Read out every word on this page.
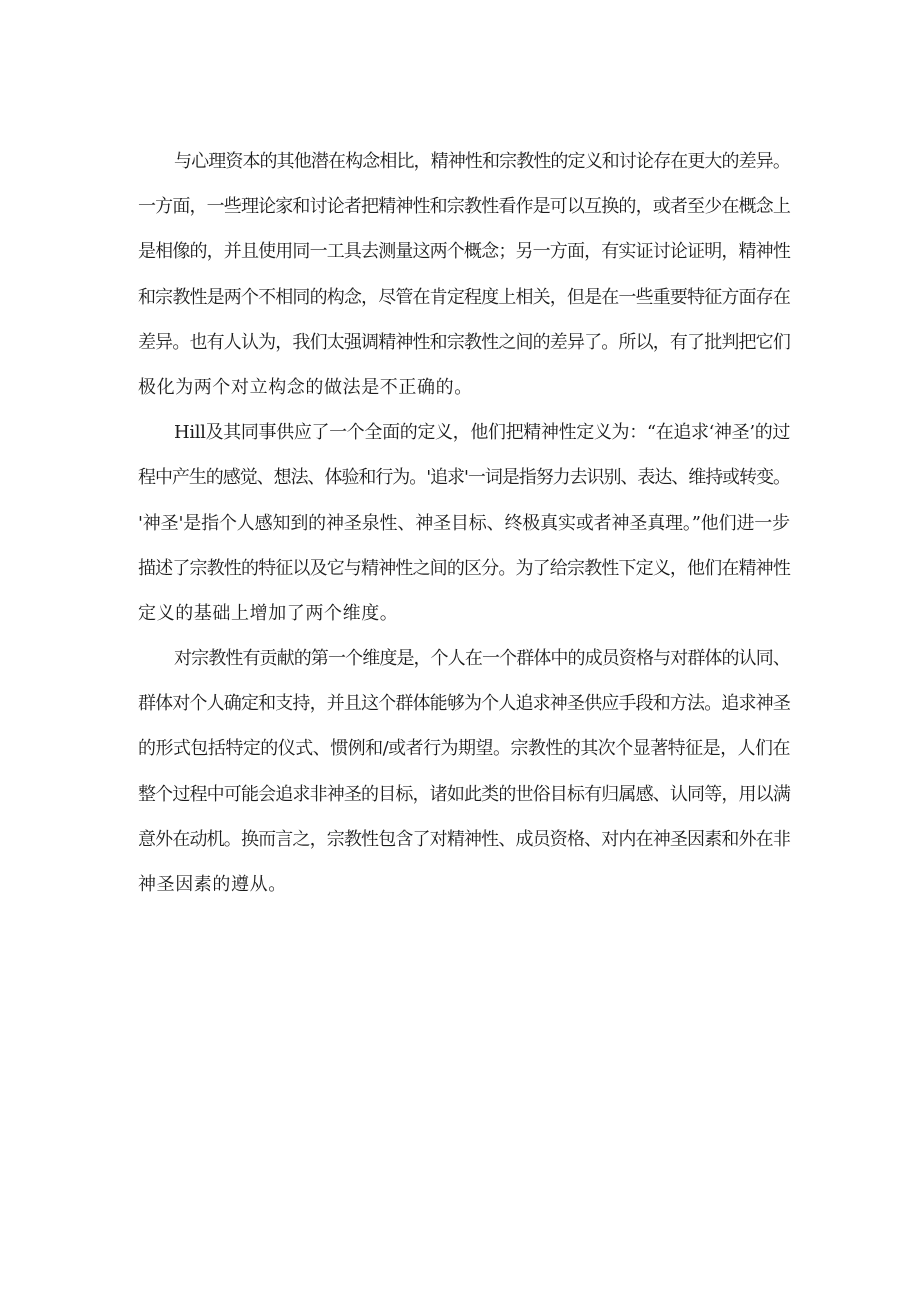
与心理资本的其他潜在构念相比，精神性和宗教性的定义和讨论存在更大的差异。
一方面，一些理论家和讨论者把精神性和宗教性看作是可以互换的，或者至少在概念上
是相像的，并且使用同一工具去测量这两个概念；另一方面，有实证讨论证明，精神性
和宗教性是两个不相同的构念，尽管在肯定程度上相关，但是在一些重要特征方面存在
差异。也有人认为，我们太强调精神性和宗教性之间的差异了。所以，有了批判把它们
极化为两个对立构念的做法是不正确的。
Hill及其同事供应了一个全面的定义，他们把精神性定义为：“在追求‘神圣’的过
程中产生的感觉、想法、体验和行为。'追求'一词是指努力去识别、表达、维持或转变。
'神圣'是指个人感知到的神圣泉性、神圣目标、终极真实或者神圣真理。”他们进一步
描述了宗教性的特征以及它与精神性之间的区分。为了给宗教性下定义，他们在精神性
定义的基础上增加了两个维度。
对宗教性有贡献的第一个维度是，个人在一个群体中的成员资格与对群体的认同、
群体对个人确定和支持，并且这个群体能够为个人追求神圣供应手段和方法。追求神圣
的形式包括特定的仪式、惯例和/或者行为期望。宗教性的其次个显著特征是，人们在
整个过程中可能会追求非神圣的目标，诸如此类的世俗目标有归属感、认同等，用以满
意外在动机。换而言之，宗教性包含了对精神性、成员资格、对内在神圣因素和外在非
神圣因素的遵从。
